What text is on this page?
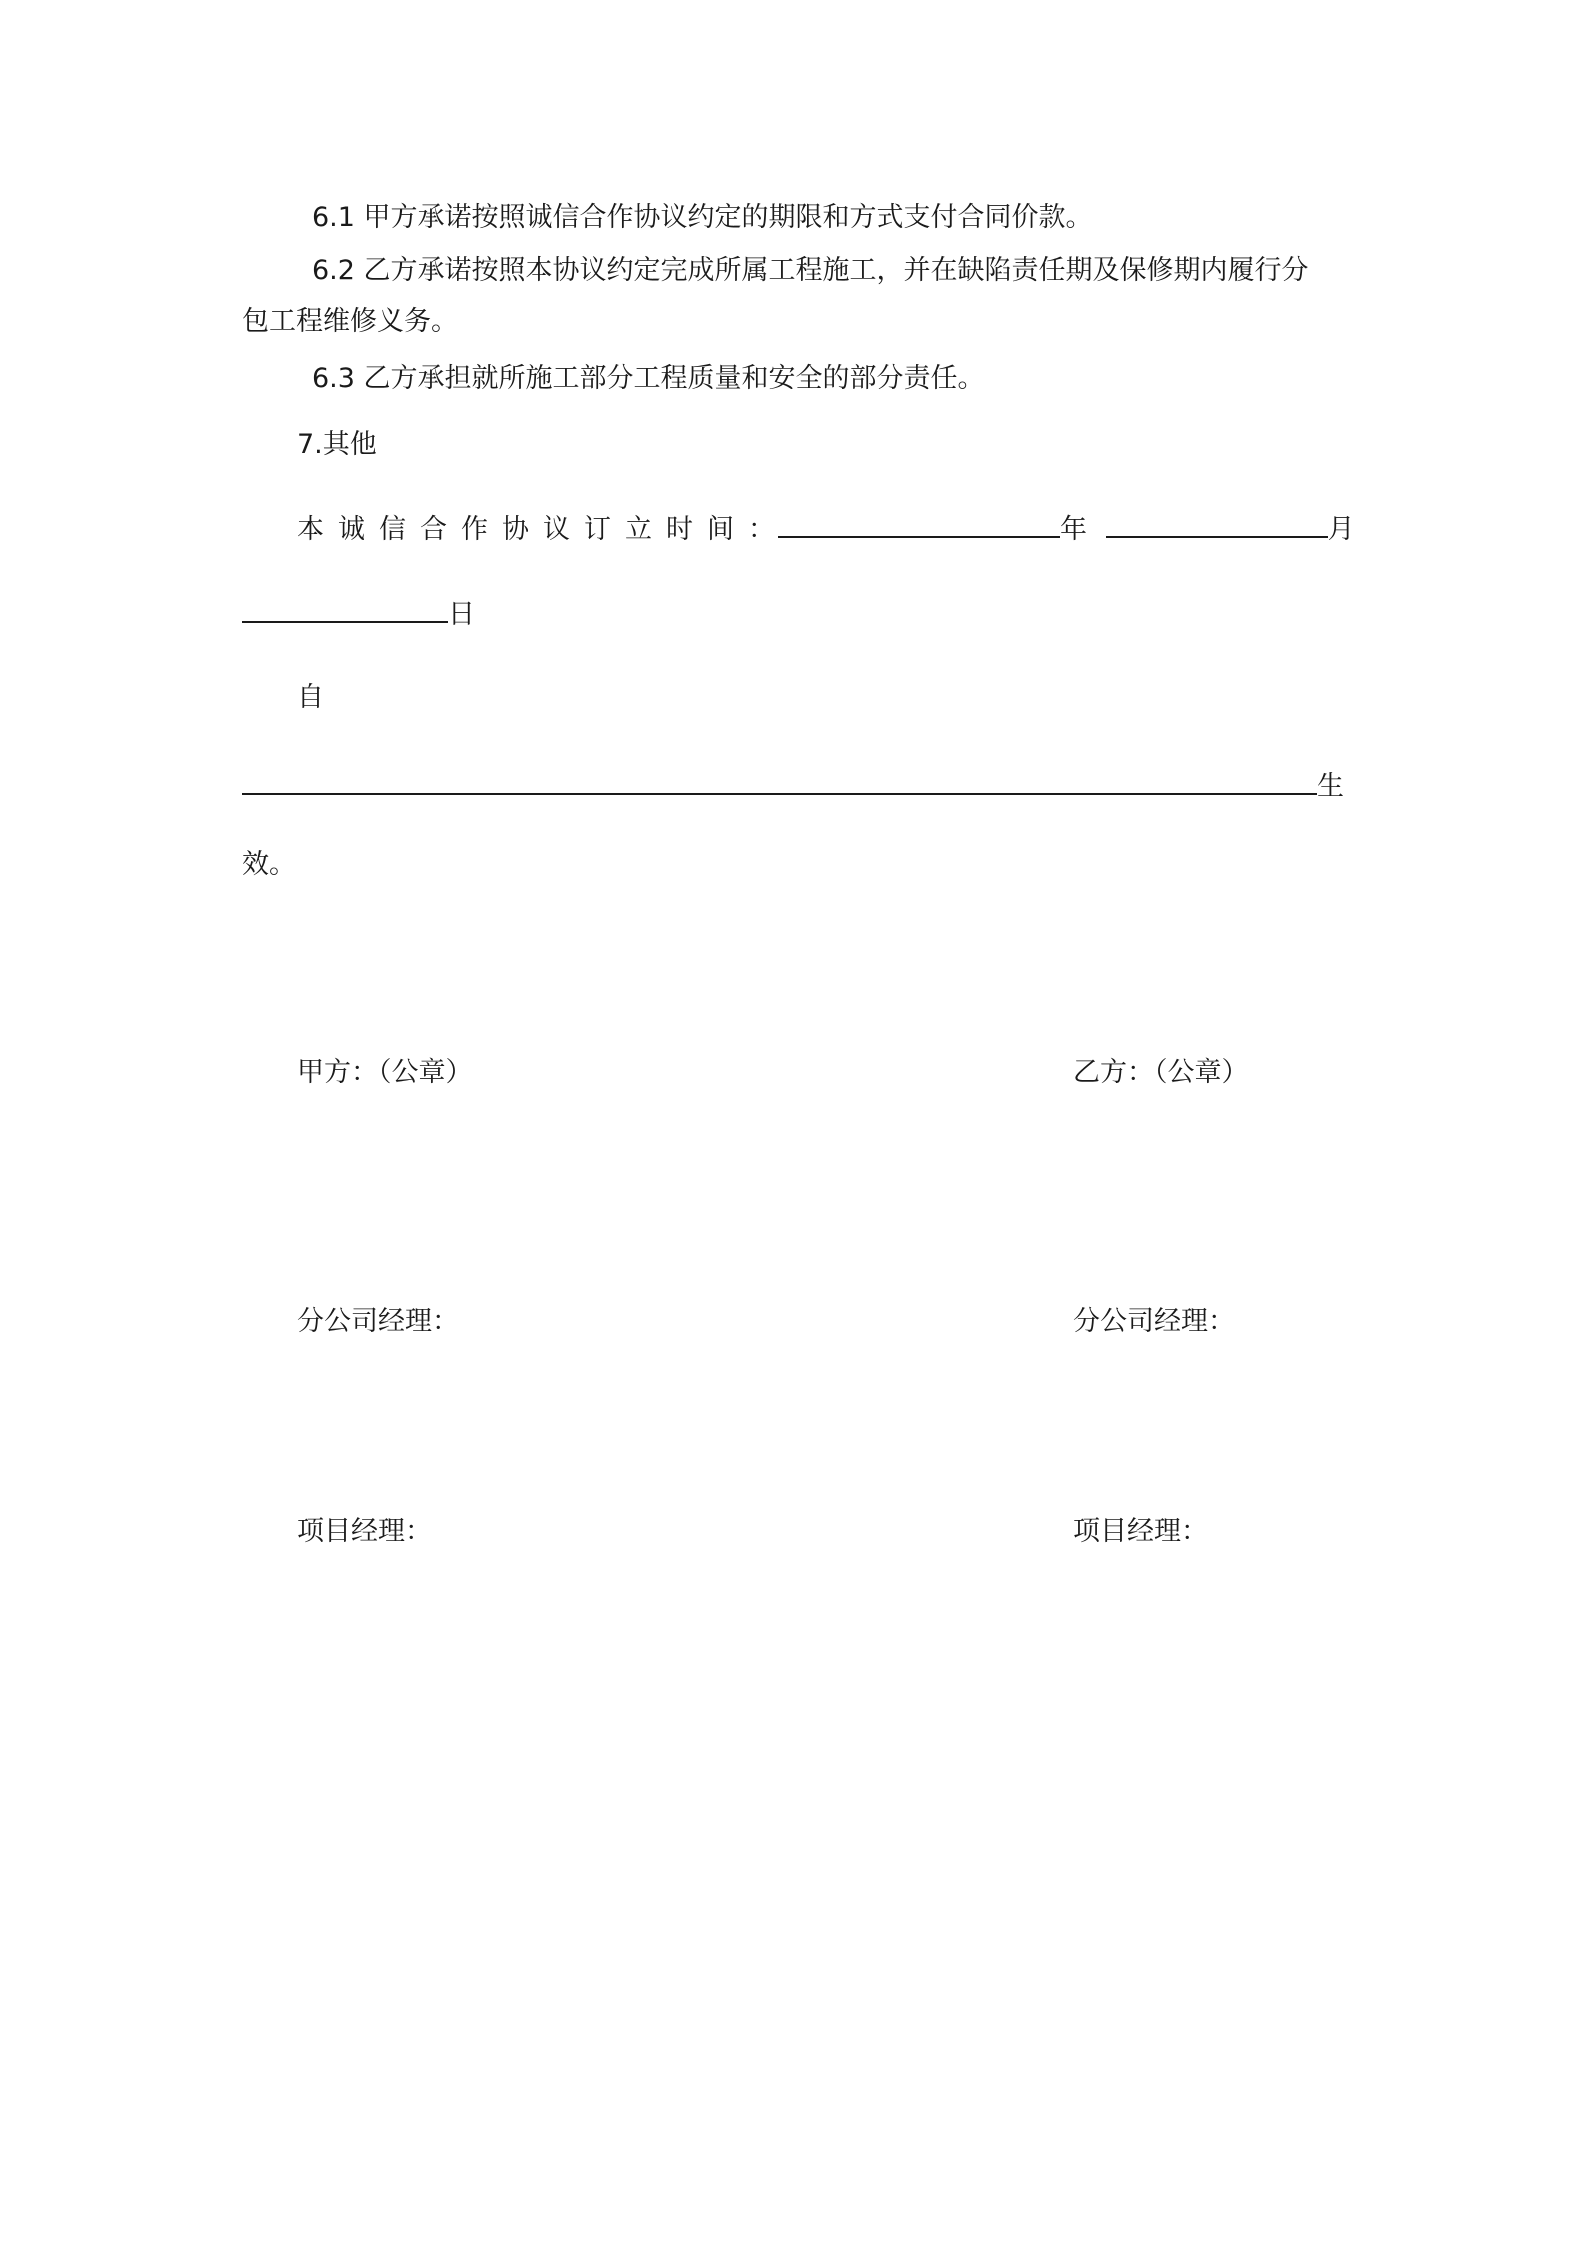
6.1 甲方承诺按照诚信合作协议约定的期限和方式支付合同价款。
6.2 乙方承诺按照本协议约定完成所属工程施工，并在缺陷责任期及保修期内履行分
包工程维修义务。
6.3 乙方承担就所施工部分工程质量和安全的部分责任。
7.其他
本诚信合作协议订立时间：	年	月
日
自
生
效。
甲方：（公章）	乙方：（公章）
分公司经理：	分公司经理：
项目经理：	项目经理：
